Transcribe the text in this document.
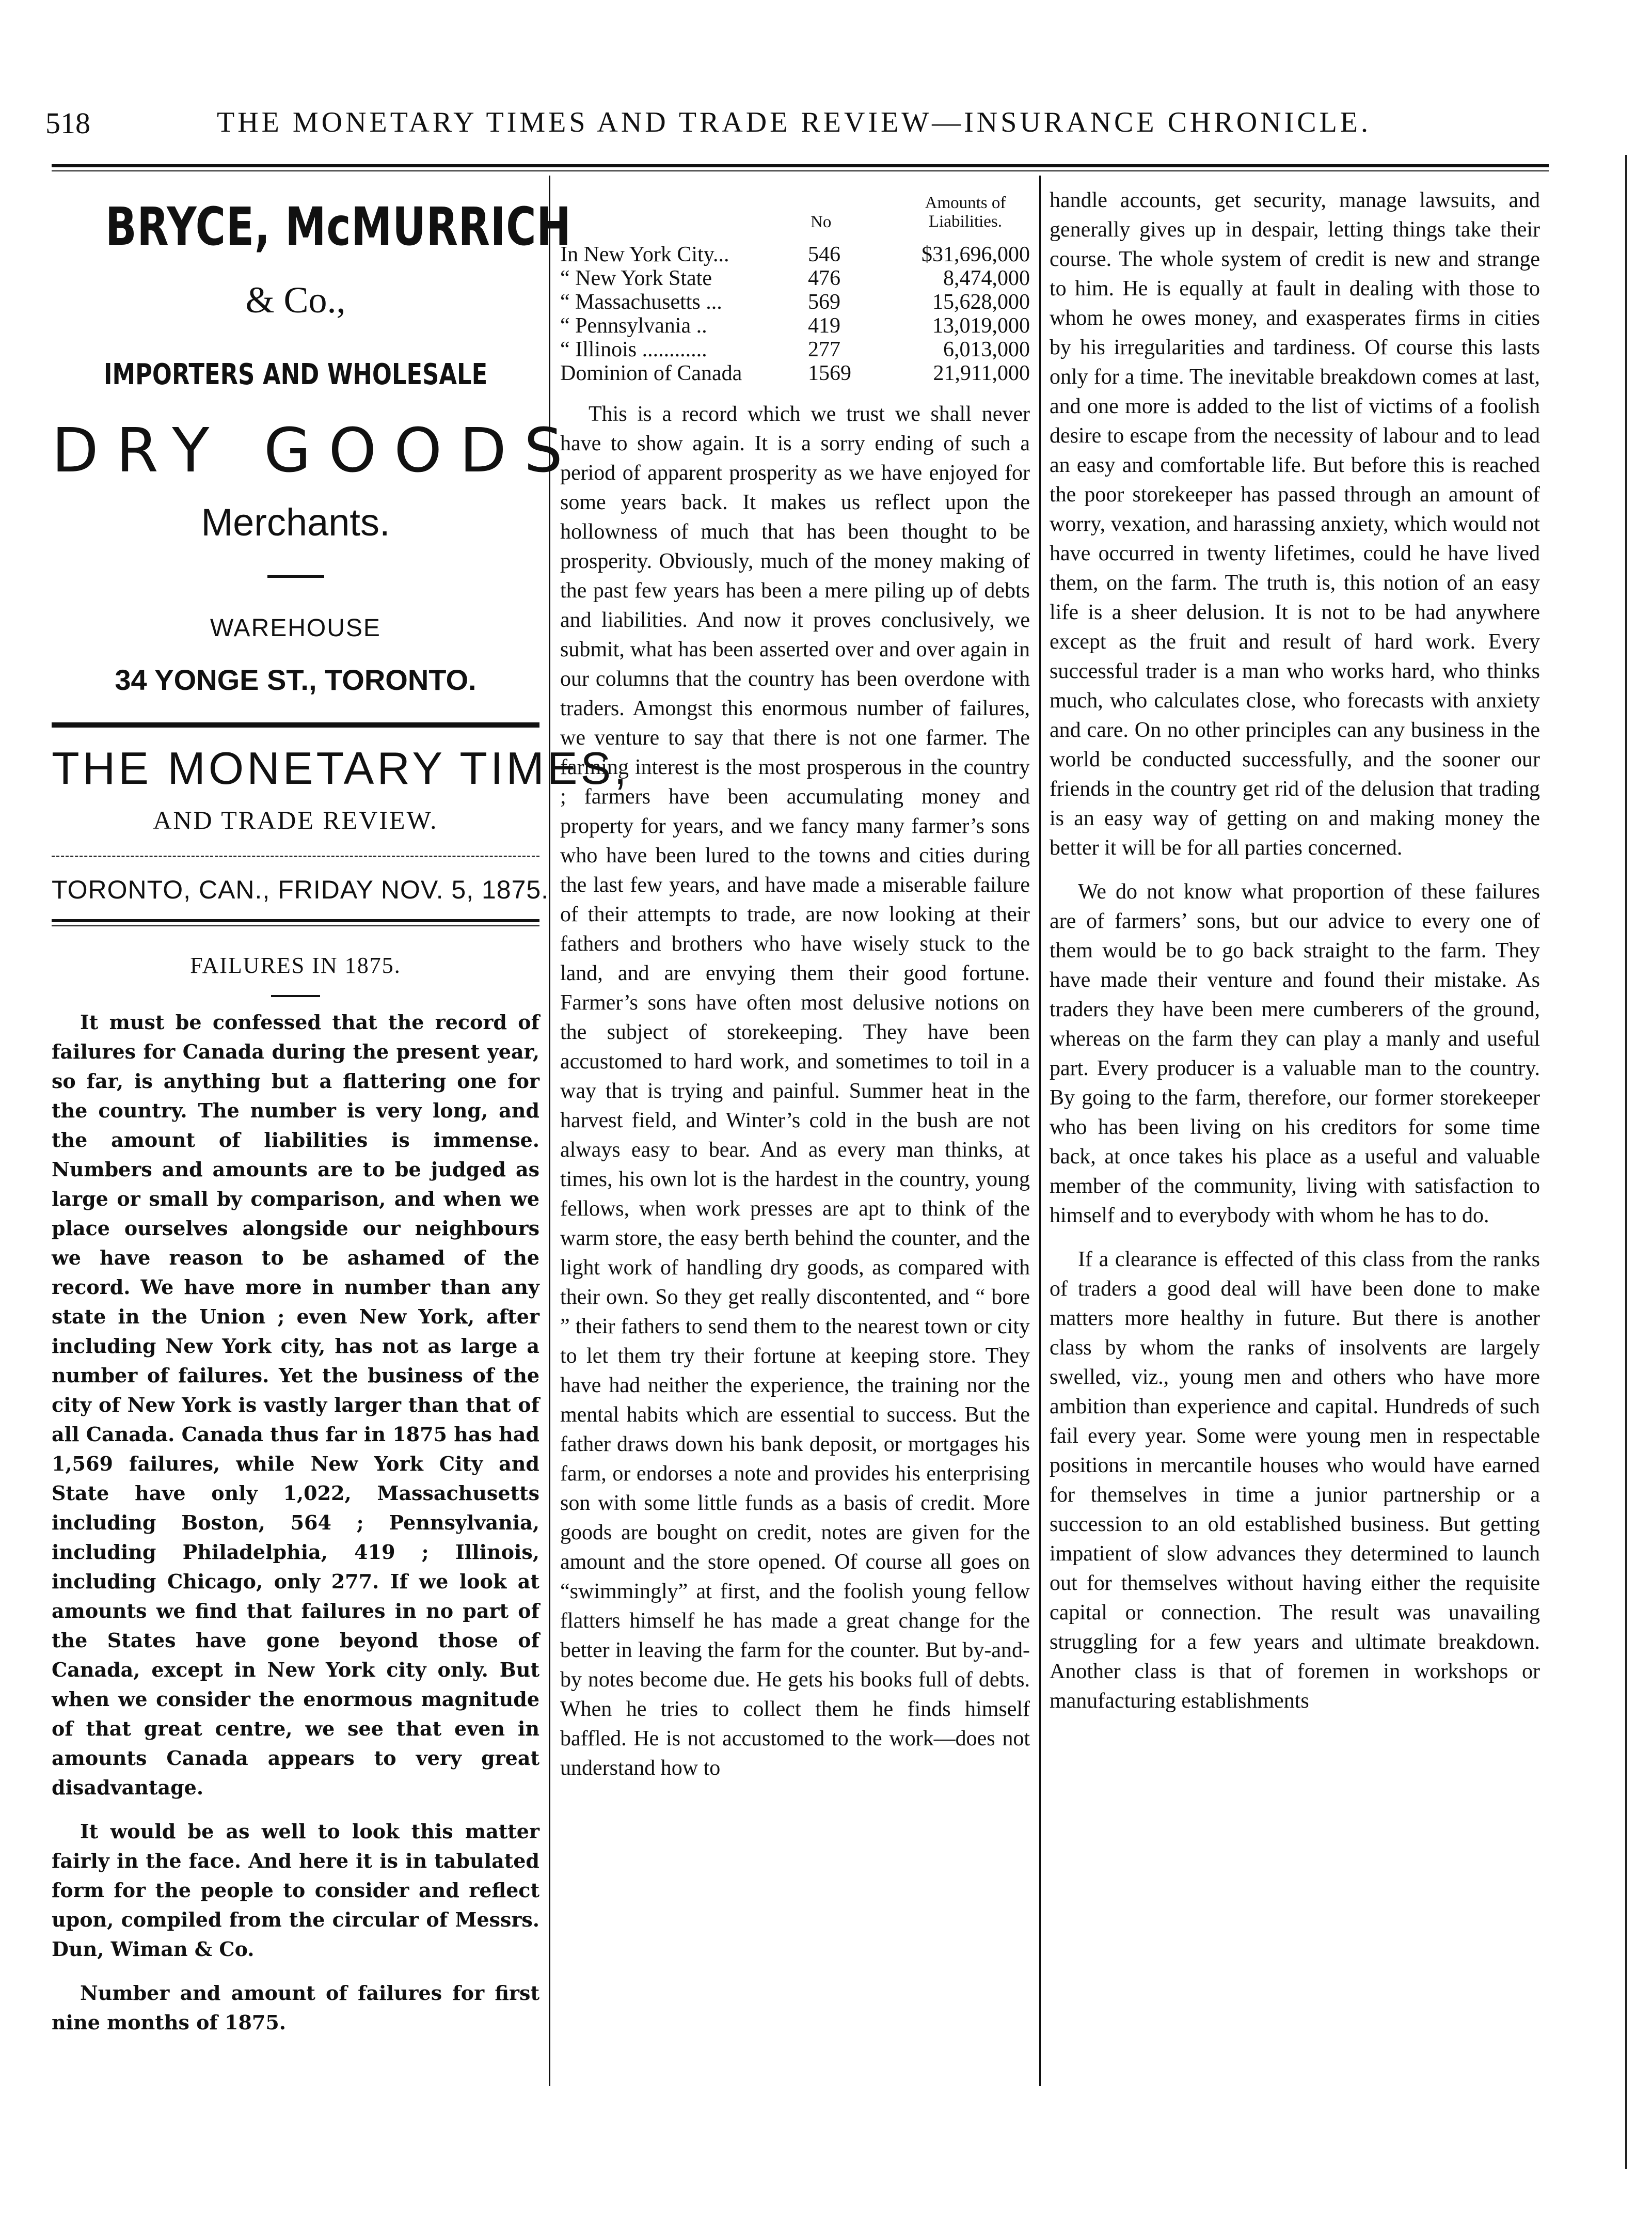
518	THE MONETARY TIMES AND TRADE REVIEW—INSURANCE CHRONICLE.
BRYCE, McMURRICH
& Co.,
IMPORTERS AND WHOLESALE
DRY GOODS
Merchants.
WAREHOUSE
34 YONGE ST., TORONTO.
THE MONETARY TIMES,
AND TRADE REVIEW.
TORONTO, CAN., FRIDAY NOV. 5, 1875.
FAILURES IN 1875.

It must be confessed that the record of failures for Canada during the present year, so far, is anything but a flattering one for the country. The number is very long, and the amount of liabilities is immense. Numbers and amounts are to be judged as large or small by comparison, and when we place ourselves alongside our neighbours we have reason to be ashamed of the record. We have more in number than any state in the Union ; even New York, after including New York city, has not as large a number of failures. Yet the business of the city of New York is vastly larger than that of all Canada. Canada thus far in 1875 has had 1,569 failures, while New York City and State have only 1,022, Massachusetts including Boston, 564 ; Pennsylvania, including Philadelphia, 419 ; Illinois, including Chicago, only 277. If we look at amounts we find that failures in no part of the States have gone beyond those of Canada, except in New York city only. But when we consider the enormous magnitude of that great centre, we see that even in amounts Canada appears to very great disadvantage.

It would be as well to look this matter fairly in the face. And here it is in tabulated form for the people to consider and reflect upon, compiled from the circular of Messrs. Dun, Wiman & Co.

Number and amount of failures for first nine months of 1875.

No
Amounts of Liabilities.
In New York City...	546	$31,696,000
“ New York State	476	8,474,000
“ Massachusetts ...	569	15,628,000
“ Pennsylvania ..	419	13,019,000
“ Illinois ............	277	6,013,000
Dominion of Canada	1569	21,911,000

This is a record which we trust we shall never have to show again. It is a sorry ending of such a period of apparent prosperity as we have enjoyed for some years back. It makes us reflect upon the hollowness of much that has been thought to be prosperity. Obviously, much of the money making of the past few years has been a mere piling up of debts and liabilities. And now it proves conclusively, we submit, what has been asserted over and over again in our columns that the country has been overdone with traders. Amongst this enormous number of failures, we venture to say that there is not one farmer. The farming interest is the most prosperous in the country ; farmers have been accumulating money and property for years, and we fancy many farmer’s sons who have been lured to the towns and cities during the last few years, and have made a miserable failure of their attempts to trade, are now looking at their fathers and brothers who have wisely stuck to the land, and are envying them their good fortune. Farmer’s sons have often most delusive notions on the subject of storekeeping. They have been accustomed to hard work, and sometimes to toil in a way that is trying and painful. Summer heat in the harvest field, and Winter’s cold in the bush are not always easy to bear. And as every man thinks, at times, his own lot is the hardest in the country, young fellows, when work presses are apt to think of the warm store, the easy berth behind the counter, and the light work of handling dry goods, as compared with their own. So they get really discontented, and “ bore ” their fathers to send them to the nearest town or city to let them try their fortune at keeping store. They have had neither the experience, the training nor the mental habits which are essential to success. But the father draws down his bank deposit, or mortgages his farm, or endorses a note and provides his enterprising son with some little funds as a basis of credit. More goods are bought on credit, notes are given for the amount and the store opened. Of course all goes on “swimmingly” at first, and the foolish young fellow flatters himself he has made a great change for the better in leaving the farm for the counter. But by-and-by notes become due. He gets his books full of debts. When he tries to collect them he finds himself baffled. He is not accustomed to the work—does not understand how to

handle accounts, get security, manage lawsuits, and generally gives up in despair, letting things take their course. The whole system of credit is new and strange to him. He is equally at fault in dealing with those to whom he owes money, and exasperates firms in cities by his irregularities and tardiness. Of course this lasts only for a time. The inevitable breakdown comes at last, and one more is added to the list of victims of a foolish desire to escape from the necessity of labour and to lead an easy and comfortable life. But before this is reached the poor storekeeper has passed through an amount of worry, vexation, and harassing anxiety, which would not have occurred in twenty lifetimes, could he have lived them, on the farm. The truth is, this notion of an easy life is a sheer delusion. It is not to be had anywhere except as the fruit and result of hard work. Every successful trader is a man who works hard, who thinks much, who calculates close, who forecasts with anxiety and care. On no other principles can any business in the world be conducted successfully, and the sooner our friends in the country get rid of the delusion that trading is an easy way of getting on and making money the better it will be for all parties concerned.

We do not know what proportion of these failures are of farmers’ sons, but our advice to every one of them would be to go back straight to the farm. They have made their venture and found their mistake. As traders they have been mere cumberers of the ground, whereas on the farm they can play a manly and useful part. Every producer is a valuable man to the country. By going to the farm, therefore, our former storekeeper who has been living on his creditors for some time back, at once takes his place as a useful and valuable member of the community, living with satisfaction to himself and to everybody with whom he has to do.

If a clearance is effected of this class from the ranks of traders a good deal will have been done to make matters more healthy in future. But there is another class by whom the ranks of insolvents are largely swelled, viz., young men and others who have more ambition than experience and capital. Hundreds of such fail every year. Some were young men in respectable positions in mercantile houses who would have earned for themselves in time a junior partnership or a succession to an old established business. But getting impatient of slow advances they determined to launch out for themselves without having either the requisite capital or connection. The result was unavailing struggling for a few years and ultimate breakdown. Another class is that of foremen in workshops or manufacturing establishments
